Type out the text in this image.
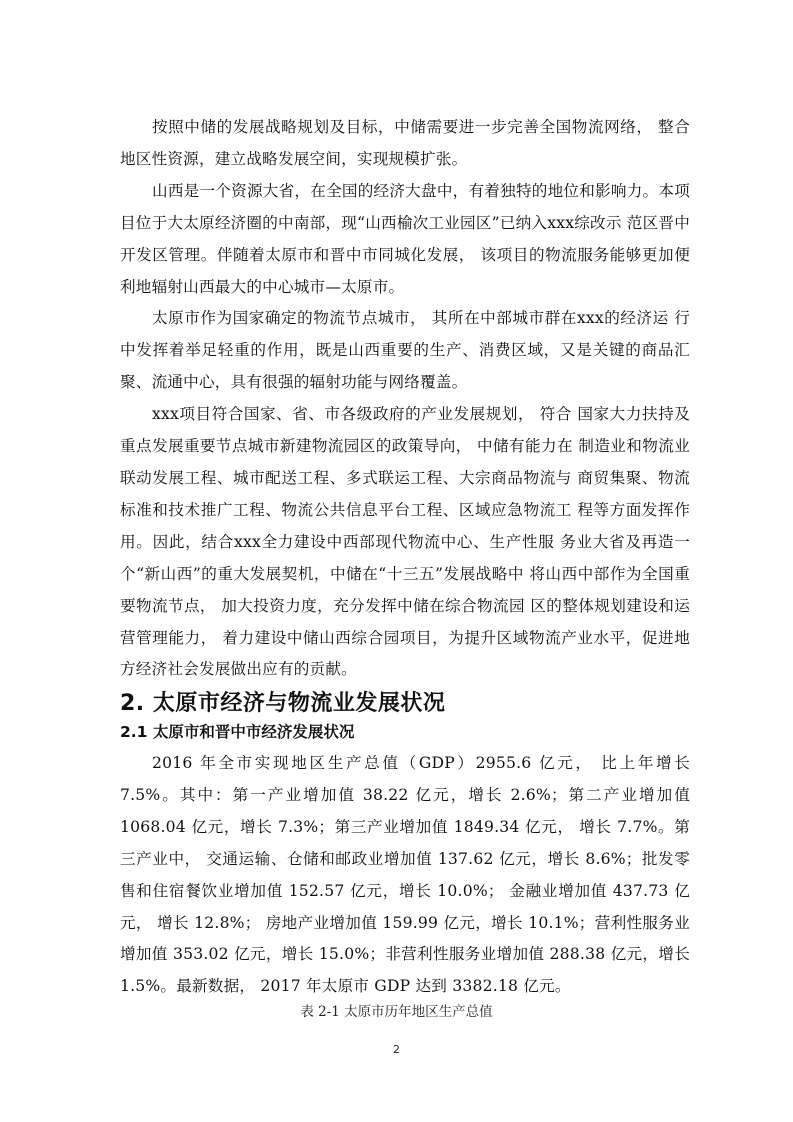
按照中储的发展战略规划及目标，中储需要进一步完善全国物流网络， 整合地区性资源，建立战略发展空间，实现规模扩张。

山西是一个资源大省，在全国的经济大盘中，有着独特的地位和影响力。本项目位于大太原经济圈的中南部，现“山西榆次工业园区”已纳入xxx综改示 范区晋中开发区管理。伴随着太原市和晋中市同城化发展， 该项目的物流服务能够更加便利地辐射山西最大的中心城市—太原市。

太原市作为国家确定的物流节点城市， 其所在中部城市群在xxx的经济运 行中发挥着举足轻重的作用，既是山西重要的生产、消费区域，又是关键的商品汇聚、流通中心，具有很强的辐射功能与网络覆盖。

xxx项目符合国家、省、市各级政府的产业发展规划， 符合 国家大力扶持及重点发展重要节点城市新建物流园区的政策导向， 中储有能力在 制造业和物流业联动发展工程、城市配送工程、多式联运工程、大宗商品物流与 商贸集聚、物流标准和技术推广工程、物流公共信息平台工程、区域应急物流工 程等方面发挥作用。因此，结合xxx全力建设中西部现代物流中心、生产性服 务业大省及再造一个“新山西”的重大发展契机，中储在“十三五”发展战略中 将山西中部作为全国重要物流节点， 加大投资力度，充分发挥中储在综合物流园 区的整体规划建设和运营管理能力， 着力建设中储山西综合园项目，为提升区域物流产业水平，促进地方经济社会发展做出应有的贡献。

2. 太原市经济与物流业发展状况
2.1 太原市和晋中市经济发展状况

2016 年全市实现地区生产总值（GDP）2955.6 亿元， 比上年增长 7.5%。其中：第一产业增加值 38.22 亿元，增长 2.6%；第二产业增加值 1068.04 亿元，增长 7.3%；第三产业增加值 1849.34 亿元， 增长 7.7%。第三产业中， 交通运输、仓储和邮政业增加值 137.62 亿元，增长 8.6%；批发零售和住宿餐饮业增加值 152.57 亿元，增长 10.0%； 金融业增加值 437.73 亿元， 增长 12.8%； 房地产业增加值 159.99 亿元，增长 10.1%；营利性服务业增加值 353.02 亿元，增长 15.0%；非营利性服务业增加值 288.38 亿元，增长 1.5%。最新数据， 2017 年太原市 GDP 达到 3382.18 亿元。

表 2-1 太原市历年地区生产总值
2
